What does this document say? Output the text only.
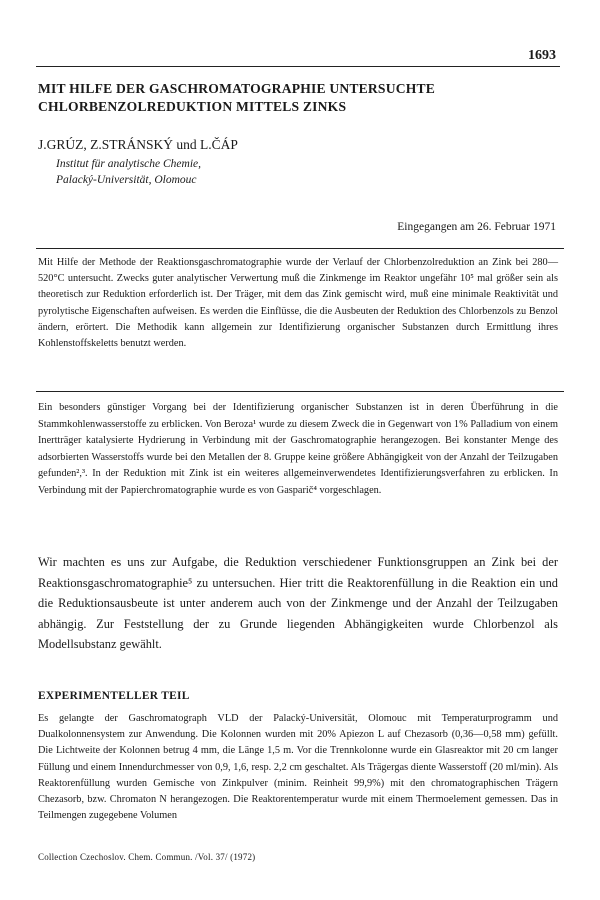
1693
MIT HILFE DER GASCHROMATOGRAPHIE UNTERSUCHTE CHLORBENZOLREDUKTION MITTELS ZINKS
J.GRÚZ, Z.STRÁNSKÝ und L.ČÁP
Institut für analytische Chemie,
Palacký-Universität, Olomouc
Eingegangen am 26. Februar 1971
Mit Hilfe der Methode der Reaktionsgaschromatographie wurde der Verlauf der Chlorbenzolreduktion an Zink bei 280—520°C untersucht. Zwecks guter analytischer Verwertung muß die Zinkmenge im Reaktor ungefähr 10⁵ mal größer sein als theoretisch zur Reduktion erforderlich ist. Der Träger, mit dem das Zink gemischt wird, muß eine minimale Reaktivität und pyrolytische Eigenschaften aufweisen. Es werden die Einflüsse, die die Ausbeuten der Reduktion des Chlorbenzols zu Benzol ändern, erörtert. Die Methodik kann allgemein zur Identifizierung organischer Substanzen durch Ermittlung ihres Kohlenstoffskeletts benutzt werden.
Ein besonders günstiger Vorgang bei der Identifizierung organischer Substanzen ist in deren Überführung in die Stammkohlenwasserstoffe zu erblicken. Von Beroza¹ wurde zu diesem Zweck die in Gegenwart von 1% Palladium von einem Inertträger katalysierte Hydrierung in Verbindung mit der Gaschromatographie herangezogen. Bei konstanter Menge des adsorbierten Wasserstoffs wurde bei den Metallen der 8. Gruppe keine größere Abhängigkeit von der Anzahl der Teilzugaben gefunden²,³. In der Reduktion mit Zink ist ein weiteres allgemeinverwendetes Identifizierungsverfahren zu erblicken. In Verbindung mit der Papierchromatographie wurde es von Gasparič⁴ vorgeschlagen.
Wir machten es uns zur Aufgabe, die Reduktion verschiedener Funktionsgruppen an Zink bei der Reaktionsgaschromatographie⁵ zu untersuchen. Hier tritt die Reaktorenfüllung in die Reaktion ein und die Reduktionsausbeute ist unter anderem auch von der Zinkmenge und der Anzahl der Teilzugaben abhängig. Zur Feststellung der zu Grunde liegenden Abhängigkeiten wurde Chlorbenzol als Modellsubstanz gewählt.
EXPERIMENTELLER TEIL
Es gelangte der Gaschromatograph VLD der Palacký-Universität, Olomouc mit Temperaturprogramm und Dualkolonnensystem zur Anwendung. Die Kolonnen wurden mit 20% Apiezon L auf Chezasorb (0,36—0,58 mm) gefüllt. Die Lichtweite der Kolonnen betrug 4 mm, die Länge 1,5 m. Vor die Trennkolonne wurde ein Glasreaktor mit 20 cm langer Füllung und einem Innendurchmesser von 0,9, 1,6, resp. 2,2 cm geschaltet. Als Trägergas diente Wasserstoff (20 ml/min). Als Reaktorenfüllung wurden Gemische von Zinkpulver (minim. Reinheit 99,9%) mit den chromatographischen Trägern Chezasorb, bzw. Chromaton N herangezogen. Die Reaktorentemperatur wurde mit einem Thermoelement gemessen. Das in Teilmengen zugegebene Volumen
Collection Czechoslov. Chem. Commun. /Vol. 37/ (1972)
